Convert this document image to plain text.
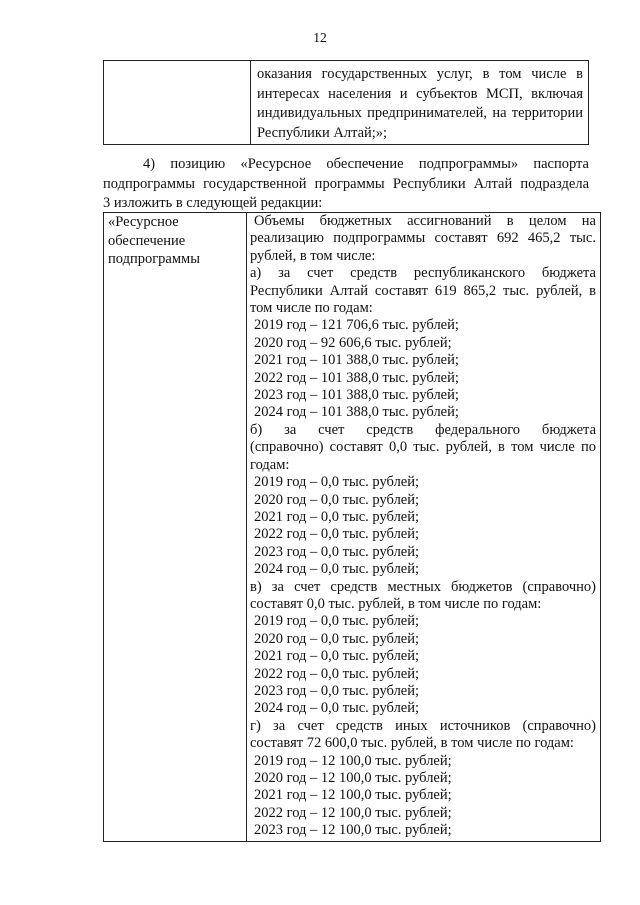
12
оказания государственных услуг, в том числе в
интересах населения и субъектов МСП, включая
индивидуальных предпринимателей, на территории
Республики Алтай;»;
4) позицию «Ресурсное обеспечение подпрограммы» паспорта
подпрограммы государственной программы Республики Алтай подраздела
3 изложить в следующей редакции:
«Ресурсное
обеспечение
подпрограммы
Объемы бюджетных ассигнований в целом на
реализацию подпрограммы составят 692 465,2 тыс.
рублей, в том числе:
а) за счет средств республиканского бюджета
Республики Алтай составят 619 865,2 тыс. рублей, в
том числе по годам:
2019 год – 121 706,6 тыс. рублей;
2020 год – 92 606,6 тыс. рублей;
2021 год – 101 388,0 тыс. рублей;
2022 год – 101 388,0 тыс. рублей;
2023 год – 101 388,0 тыс. рублей;
2024 год – 101 388,0 тыс. рублей;
б) за счет средств федерального бюджета
(справочно) составят 0,0 тыс. рублей, в том числе по
годам:
2019 год – 0,0 тыс. рублей;
2020 год – 0,0 тыс. рублей;
2021 год – 0,0 тыс. рублей;
2022 год – 0,0 тыс. рублей;
2023 год – 0,0 тыс. рублей;
2024 год – 0,0 тыс. рублей;
в) за счет средств местных бюджетов (справочно)
составят 0,0 тыс. рублей, в том числе по годам:
2019 год – 0,0 тыс. рублей;
2020 год – 0,0 тыс. рублей;
2021 год – 0,0 тыс. рублей;
2022 год – 0,0 тыс. рублей;
2023 год – 0,0 тыс. рублей;
2024 год – 0,0 тыс. рублей;
г) за счет средств иных источников (справочно)
составят 72 600,0 тыс. рублей, в том числе по годам:
2019 год – 12 100,0 тыс. рублей;
2020 год – 12 100,0 тыс. рублей;
2021 год – 12 100,0 тыс. рублей;
2022 год – 12 100,0 тыс. рублей;
2023 год – 12 100,0 тыс. рублей;
